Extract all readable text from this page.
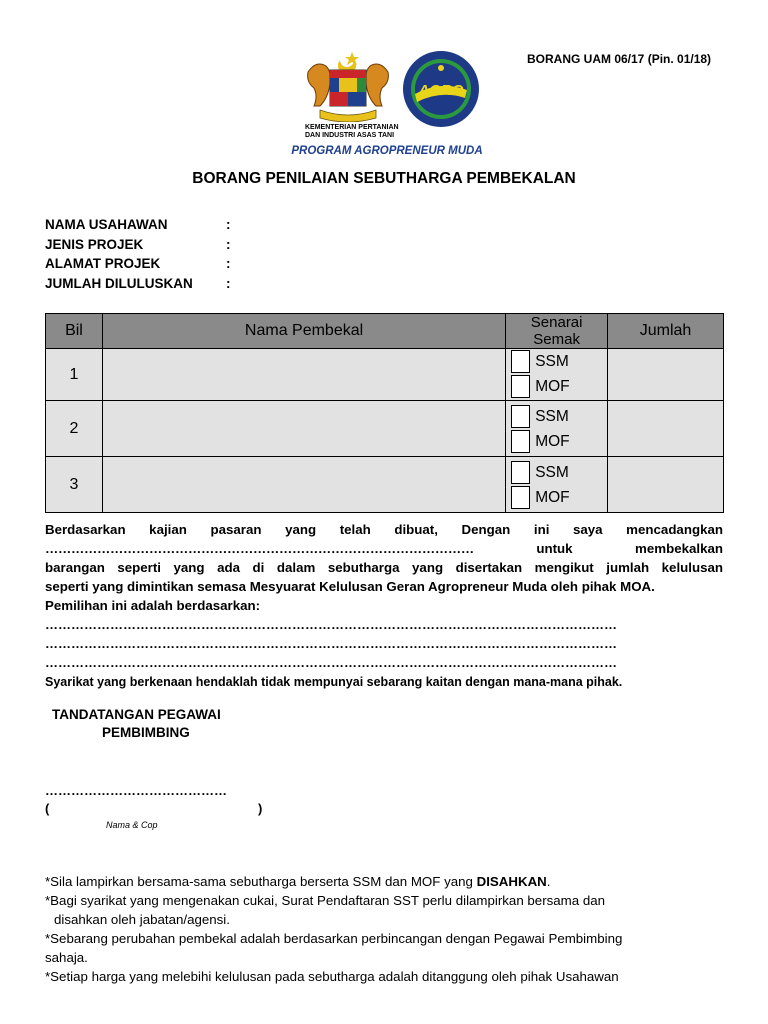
BORANG UAM 06/17 (Pin. 01/18)
AGRO
KEMENTERIAN PERTANIAN
DAN INDUSTRI ASAS TANI
PROGRAM AGROPRENEUR MUDA
BORANG PENILAIAN SEBUTHARGA PEMBEKALAN
NAMA USAHAWAN	:
JENIS PROJEK	:
ALAMAT PROJEK	:
JUMLAH DILULUSKAN	:
Bil	Nama Pembekal	Senarai Semak	Jumlah
1		SSM
MOF	

2		SSM
MOF	

3		SSM
MOF	

Berdasarkan kajian pasaran yang telah dibuat, Dengan ini saya mencadangkan

………………………………………………………………………………………	untuk membekalkan

barangan seperti yang ada di dalam sebutharga yang disertakan mengikut jumlah kelulusan

seperti yang dimintikan semasa Mesyuarat Kelulusan Geran Agropreneur Muda oleh pihak MOA.

Pemilihan ini adalah berdasarkan:

……………………………………………………………………………………………………………………
……………………………………………………………………………………………………………………
……………………………………………………………………………………………………………………
Syarikat yang berkenaan hendaklah tidak mempunyai sebarang kaitan dengan mana-mana pihak.
TANDATANGAN PEGAWAI
PEMBIMBING
……………………………………
(	)
Nama & Cop

*Sila lampirkan bersama-sama sebutharga berserta SSM dan MOF yang DISAHKAN.

*Bagi syarikat yang mengenakan cukai, Surat Pendaftaran SST perlu dilampirkan bersama dan

disahkan oleh jabatan/agensi.

*Sebarang perubahan pembekal adalah berdasarkan perbincangan dengan Pegawai Pembimbing

sahaja.

*Setiap harga yang melebihi kelulusan pada sebutharga adalah ditanggung oleh pihak Usahawan
